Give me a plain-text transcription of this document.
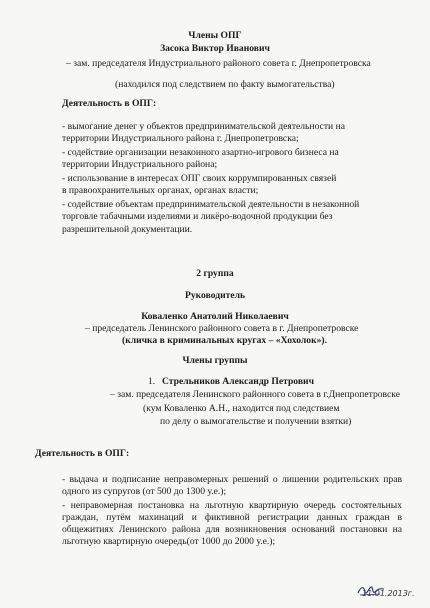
Члены ОПГ

Засокa Виктор Иванович

– зам. председателя Индустриального районого совета г. Днепропетровска

(находился под следствием по факту вымогательства)

Деятельность в ОПГ:

- вымогание денег у объектов предпринимательской деятельности на

территории Индустриального района г. Днепропетровска;

- содействие организации незаконного азартно-игрового бизнеса на

территории Индустриального района;

- использование в интересах ОПГ своих коррумпированных связей

в правоохранительных органах, органах власти;

- содействие объектам предпринимательской деятельности в незаконной

торговле табачными изделиями и ликёро-водочной продукции без

разрешительной документации.

2 группа

Руководитель

Коваленко Анатолий Николаевич

– председатель Ленинского районного совета в г. Днепропетровске

(кличка в криминальных кругах – «Хохолок»).

Члены группы

1. Стрельников Александр Петрович

– зам. председателя Ленинского районного совета в г.Днепропетровске

(кум Коваленко А.Н., находится под следствием

по делу о вымогательстве и получении взятки)

Деятельность в ОПГ:

- выдача и подписание неправомерных решений о лишении родительских прав одного из супругов (от 500 до 1300 у.е.);

- неправомерная постановка на льготную квартирную очередь состоятельных граждан, путём махинаций и фиктивной регистрации данных граждан в общежитиях Ленинского района для возникновения оснований постановки на льготную квартирную очередь(от 1000 до 2000 у.е.);

11.01.2013г.
